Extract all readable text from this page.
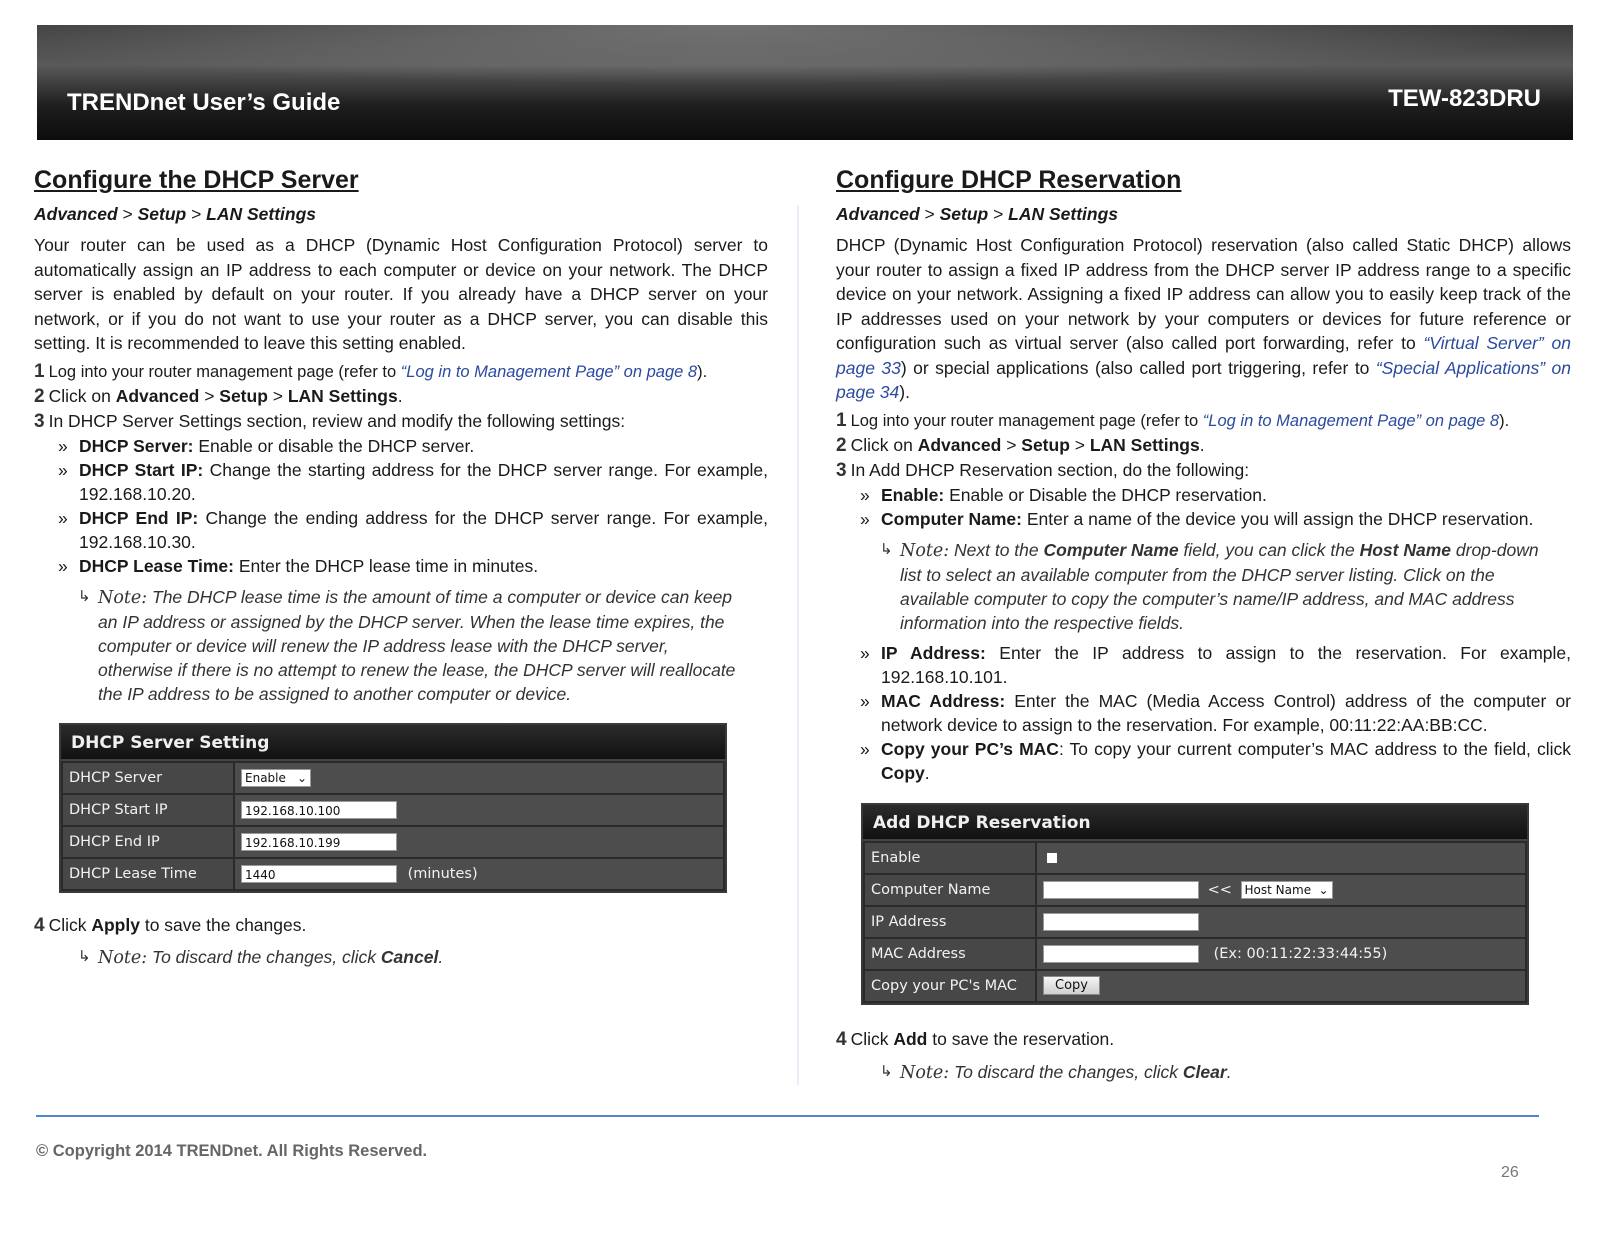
TRENDnet User’s Guide	TEW-823DRU
Configure the DHCP Server
Advanced > Setup > LAN Settings

Your router can be used as a DHCP (Dynamic Host Configuration Protocol) server to automatically assign an IP address to each computer or device on your network. The DHCP server is enabled by default on your router. If you already have a DHCP server on your network, or if you do not want to use your router as a DHCP server, you can disable this setting. It is recommended to leave this setting enabled.

1 Log into your router management page (refer to “Log in to Management Page” on page 8).
2 Click on Advanced > Setup > LAN Settings.
3 In DHCP Server Settings section, review and modify the following settings:
» DHCP Server: Enable or disable the DHCP server.
» DHCP Start IP: Change the starting address for the DHCP server range. For example, 192.168.10.20.
» DHCP End IP: Change the ending address for the DHCP server range. For example, 192.168.10.30.
» DHCP Lease Time: Enter the DHCP lease time in minutes.
↳ Note: The DHCP lease time is the amount of time a computer or device can keep an IP address or assigned by the DHCP server. When the lease time expires, the computer or device will renew the IP address lease with the DHCP server, otherwise if there is no attempt to renew the lease, the DHCP server will reallocate the IP address to be assigned to another computer or device.
DHCP Server Setting
DHCP Server	Enable ⌄

DHCP Start IP	192.168.10.100
DHCP End IP	192.168.10.199
DHCP Lease Time	1440 (minutes)
4 Click Apply to save the changes.
↳ Note: To discard the changes, click Cancel.
Configure DHCP Reservation
Advanced > Setup > LAN Settings

DHCP (Dynamic Host Configuration Protocol) reservation (also called Static DHCP) allows your router to assign a fixed IP address from the DHCP server IP address range to a specific device on your network. Assigning a fixed IP address can allow you to easily keep track of the IP addresses used on your network by your computers or devices for future reference or configuration such as virtual server (also called port forwarding, refer to “Virtual Server” on page 33) or special applications (also called port triggering, refer to “Special Applications” on page 34).

1 Log into your router management page (refer to “Log in to Management Page” on page 8).
2 Click on Advanced > Setup > LAN Settings.
3 In Add DHCP Reservation section, do the following:
» Enable: Enable or Disable the DHCP reservation.
» Computer Name: Enter a name of the device you will assign the DHCP reservation.
↳ Note: Next to the Computer Name field, you can click the Host Name drop-down list to select an available computer from the DHCP server listing. Click on the available computer to copy the computer’s name/IP address, and MAC address information into the respective fields.
» IP Address: Enter the IP address to assign to the reservation. For example, 192.168.10.101.
» MAC Address: Enter the MAC (Media Access Control) address of the computer or network device to assign to the reservation. For example, 00:11:22:AA:BB:CC.
» Copy your PC’s MAC: To copy your current computer’s MAC address to the field, click Copy.
Add DHCP Reservation
Enable	
Computer Name	<< Host Name ⌄

IP Address	
MAC Address	(Ex: 00:11:22:33:44:55)
Copy your PC's MAC	Copy
4 Click Add to save the reservation.
↳ Note: To discard the changes, click Clear.
© Copyright 2014 TRENDnet. All Rights Reserved.
26
